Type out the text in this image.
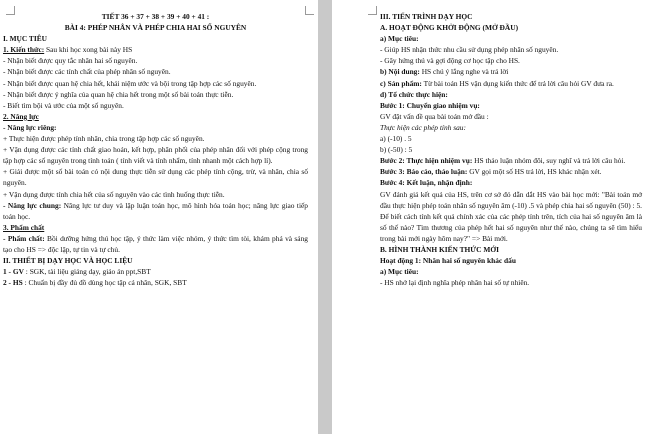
TIẾT 36 + 37 + 38 + 39 + 40 + 41 :

BÀI 4: PHÉP NHÂN VÀ PHÉP CHIA HAI SỐ NGUYÊN

I. MỤC TIÊU

1. Kiến thức: Sau khi học xong bài này HS

- Nhận biết được quy tắc nhân hai số nguyên.

- Nhận biết được các tính chất của phép nhân số nguyên.

- Nhận biết được quan hệ chia hết, khái niệm ước và bội trong tập hợp các số nguyên.

- Nhận biết được ý nghĩa của quan hệ chia hết trong một số bài toán thực tiễn.

- Biết tìm bội và ước của một số nguyên.

2. Năng lực

- Năng lực riêng:

+ Thực hiện được phép tính nhân, chia trong tập hợp các số nguyên.

+ Vận dụng được các tính chất giao hoán, kết hợp, phân phối của phép nhân đối với phép cộng trong tập hợp các số nguyên trong tính toán ( tính viết và tính nhẩm, tính nhanh một cách hợp lí).

+ Giải được một số bài toán có nội dung thực tiễn sử dụng các phép tính cộng, trừ, và nhân, chia số nguyên.

+ Vận dụng được tính chia hết của số nguyên vào các tình huống thực tiễn.

- Năng lực chung: Năng lực tư duy và lập luận toán học, mô hình hóa toán học; năng lực giao tiếp toán học.

3. Phẩm chất

- Phẩm chất: Bồi dưỡng hứng thú học tập, ý thức làm việc nhóm, ý thức tìm tòi, khám phá và sáng tạo cho HS => độc lập, tự tin và tự chủ.

II. THIẾT BỊ DẠY HỌC VÀ HỌC LIỆU

1 - GV : SGK, tài liệu giảng dạy, giáo án ppt,SBT

2 - HS : Chuẩn bị đầy đủ đồ dùng học tập cá nhân, SGK, SBT

III. TIẾN TRÌNH DẠY HỌC

A. HOẠT ĐỘNG KHỞI ĐỘNG (MỞ ĐẦU)

a) Mục tiêu:

- Giúp HS nhận thức nhu cầu sử dụng phép nhân số nguyên.

- Gây hứng thú và gợi động cơ học tập cho HS.

b) Nội dung: HS chú ý lắng nghe và trả lời

c) Sản phẩm: Từ bài toán HS vận dụng kiến thức để trả lời câu hỏi GV đưa ra.

d) Tổ chức thực hiện:

Bước 1: Chuyển giao nhiệm vụ:

GV đặt vấn đề qua bài toán mở đầu :

Thực hiện các phép tính sau:

a) (-10) . 5

b) (-50) : 5

Bước 2: Thực hiện nhiệm vụ: HS thảo luận nhóm đôi, suy nghĩ và trả lời câu hỏi.

Bước 3: Báo cáo, thảo luận: GV gọi một số HS trả lời, HS khác nhận xét.

Bước 4: Kết luận, nhận định:

GV đánh giá kết quả của HS, trên cơ sở đó dẫn dắt HS vào bài học mới: "Bài toán mở đầu thực hiện phép toán nhân số nguyên âm (-10) .5 và phép chia hai số nguyên (50) : 5. Để biết cách tính kết quả chính xác của các phép tính trên, tích của hai số nguyên âm là số thế nào? Tìm thương của phép hết hai số nguyên như thế nào, chúng ta sẽ tìm hiểu trong bài mới ngày hôm nay?" => Bài mới.

B. HÌNH THÀNH KIẾN THỨC MỚI

Hoạt động 1: Nhân hai số nguyên khác dấu

a) Mục tiêu:

- HS nhớ lại định nghĩa phép nhân hai số tự nhiên.
